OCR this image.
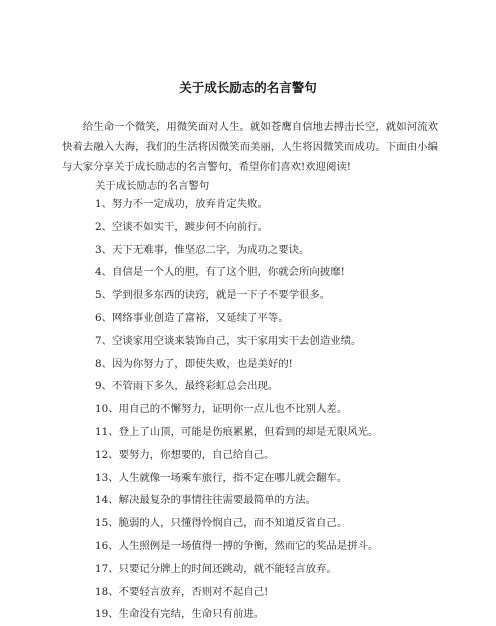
关于成长励志的名言警句

给生命一个微笑，用微笑面对人生。就如苍鹰自信地去搏击长空，就如河流欢快着去融入大海，我们的生活将因微笑而美丽，人生将因微笑而成功。下面由小编与大家分享关于成长励志的名言警句，希望你们喜欢!欢迎阅读!

关于成长励志的名言警句
1、努力不一定成功，放弃肯定失败。
2、空谈不如实干，踱步何不向前行。
3、天下无难事，惟坚忍二字，为成功之要诀。
4、自信是一个人的胆，有了这个胆，你就会所向披靡!
5、学到很多东西的诀窍，就是一下子不要学很多。
6、网络事业创造了富裕，又延续了平等。
7、空谈家用空谈来装饰自己，实干家用实干去创造业绩。
8、因为你努力了，即使失败，也是美好的!
9、不管雨下多久，最终彩虹总会出现。
10、用自己的不懈努力，证明你一点儿也不比别人差。
11、登上了山顶，可能是伤痕累累，但看到的却是无限风光。
12、要努力，你想要的，自己给自己。
13、人生就像一场乘车旅行，指不定在哪儿就会翻车。
14、解决最复杂的事情往往需要最简单的方法。
15、脆弱的人，只懂得怜悯自己，而不知道反省自己。
16、人生照例是一场值得一搏的争衡，然而它的奖品是拼斗。
17、只要记分牌上的时间还跳动，就不能轻言放弃。
18、不要轻言放弃，否则对不起自己!
19、生命没有完结，生命只有前进。
